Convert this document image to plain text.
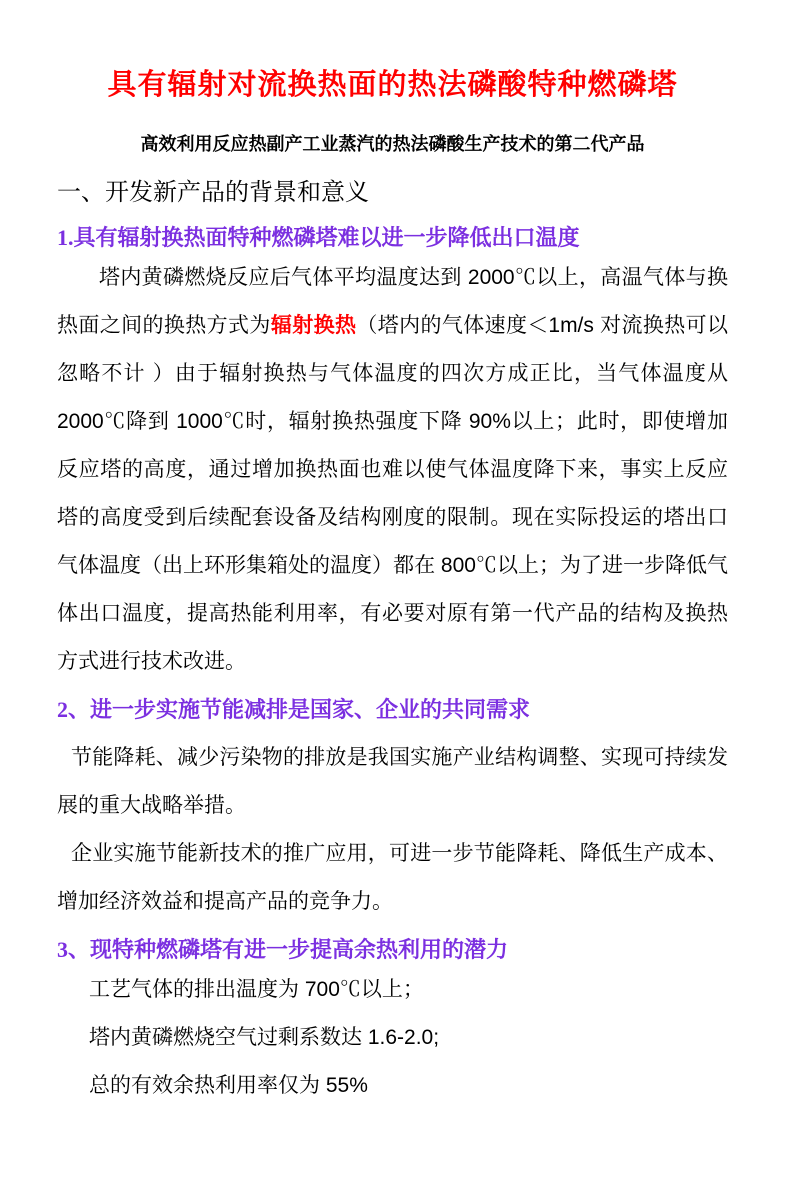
具有辐射对流换热面的热法磷酸特种燃磷塔

高效利用反应热副产工业蒸汽的热法磷酸生产技术的第二代产品

一、开发新产品的背景和意义
1.具有辐射换热面特种燃磷塔难以进一步降低出口温度

塔内黄磷燃烧反应后气体平均温度达到 2000℃以上，高温气体与换热面之间的换热方式为辐射换热（塔内的气体速度＜1m/s 对流换热可以忽略不计 ）由于辐射换热与气体温度的四次方成正比，当气体温度从 2000℃降到 1000℃时，辐射换热强度下降 90%以上；此时，即使增加反应塔的高度，通过增加换热面也难以使气体温度降下来，事实上反应塔的高度受到后续配套设备及结构刚度的限制。现在实际投运的塔出口气体温度（出上环形集箱处的温度）都在 800℃以上；为了进一步降低气体出口温度，提高热能利用率，有必要对原有第一代产品的结构及换热方式进行技术改进。

2、进一步实施节能减排是国家、企业的共同需求

节能降耗、减少污染物的排放是我国实施产业结构调整、实现可持续发展的重大战略举措。

企业实施节能新技术的推广应用，可进一步节能降耗、降低生产成本、增加经济效益和提高产品的竞争力。

3、现特种燃磷塔有进一步提高余热利用的潜力
工艺气体的排出温度为 700℃以上；
塔内黄磷燃烧空气过剩系数达 1.6-2.0;
总的有效余热利用率仅为 55%
